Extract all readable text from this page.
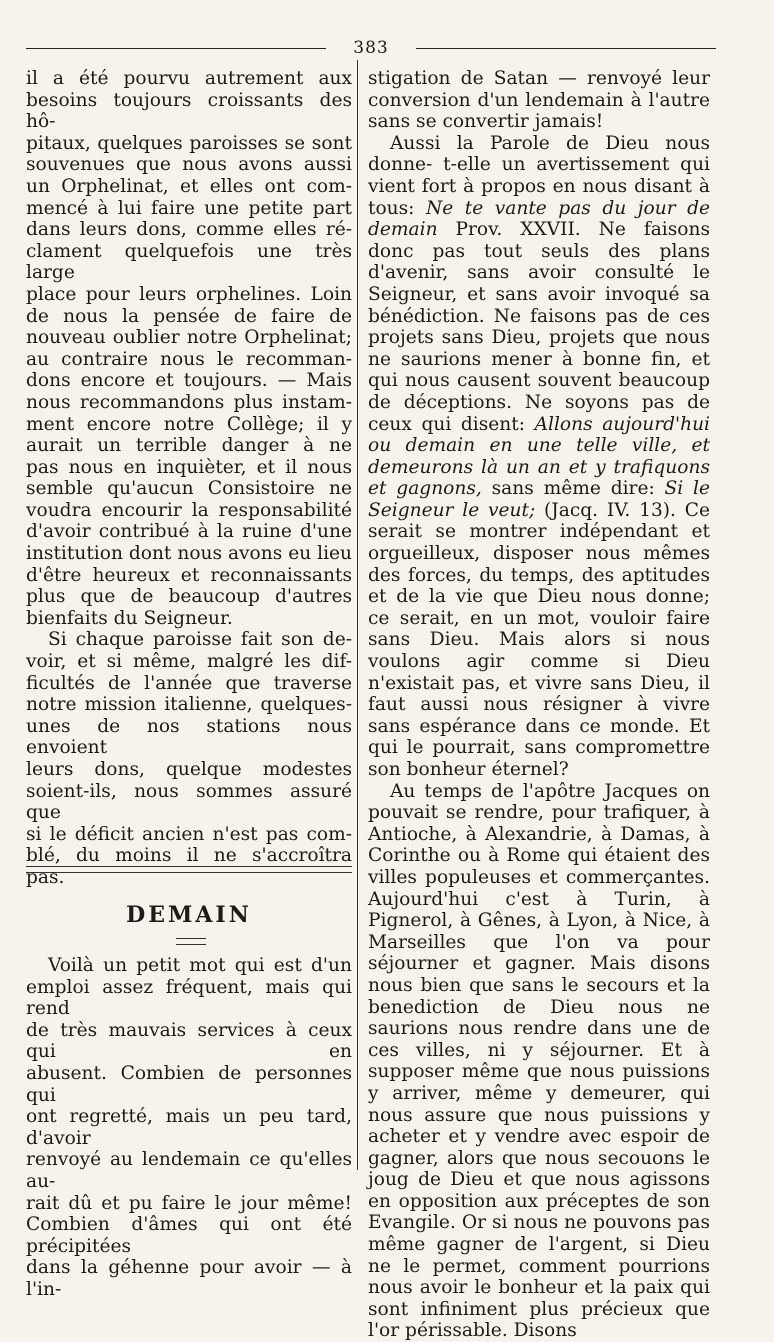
383

il a été pourvu autrement aux

besoins toujours croissants des hô-

pitaux, quelques paroisses se sont

souvenues que nous avons aussi

un Orphelinat, et elles ont com-

mencé à lui faire une petite part

dans leurs dons, comme elles ré-

clament quelquefois une très large

place pour leurs orphelines. Loin

de nous la pensée de faire de

nouveau oublier notre Orphelinat;

au contraire nous le recomman-

dons encore et toujours. — Mais

nous recommandons plus instam-

ment encore notre Collège; il y

aurait un terrible danger à ne

pas nous en inquièter, et il nous

semble qu'aucun Consistoire ne

voudra encourir la responsabilité

d'avoir contribué à la ruine d'une

institution dont nous avons eu lieu

d'être heureux et reconnaissants

plus que de beaucoup d'autres

bienfaits du Seigneur.

Si chaque paroisse fait son de-

voir, et si même, malgré les dif-

ficultés de l'année que traverse

notre mission italienne, quelques-

unes de nos stations nous envoient

leurs dons, quelque modestes

soient-ils, nous sommes assuré que

si le déficit ancien n'est pas com-

blé, du moins il ne s'accroîtra

pas.

DEMAIN

Voilà un petit mot qui est d'un

emploi assez fréquent, mais qui rend

de très mauvais services à ceux qui en

abusent. Combien de personnes qui

ont regretté, mais un peu tard, d'avoir

renvoyé au lendemain ce qu'elles au-

rait dû et pu faire le jour même!

Combien d'âmes qui ont été précipitées

dans la géhenne pour avoir — à l'in-

stigation de Satan — renvoyé leur

conversion d'un lendemain à l'autre

sans se convertir jamais!

Aussi la Parole de Dieu nous donne- t-elle un avertissement qui vient fort à propos en nous disant à tous: Ne te vante pas du jour de demain Prov. XXVII. Ne faisons donc pas tout seuls des plans d'avenir, sans avoir consulté le Seigneur, et sans avoir invoqué sa bénédiction. Ne faisons pas de ces projets sans Dieu, projets que nous ne saurions mener à bonne fin, et qui nous causent souvent beaucoup de déceptions. Ne soyons pas de ceux qui disent: Allons aujourd'hui ou demain en une telle ville, et demeurons là un an et y trafiquons et gagnons, sans même dire: Si le Seigneur le veut; (Jacq. IV. 13). Ce serait se montrer indépendant et orgueilleux, disposer nous mêmes des forces, du temps, des aptitudes et de la vie que Dieu nous donne; ce serait, en un mot, vouloir faire sans Dieu. Mais alors si nous voulons agir comme si Dieu n'existait pas, et vivre sans Dieu, il faut aussi nous résigner à vivre sans espérance dans ce monde. Et qui le pourrait, sans compromettre son bonheur éternel?

Au temps de l'apôtre Jacques on pouvait se rendre, pour trafiquer, à Antioche, à Alexandrie, à Damas, à Corinthe ou à Rome qui étaient des villes populeuses et commerçantes. Aujourd'hui c'est à Turin, à Pignerol, à Gênes, à Lyon, à Nice, à Marseilles que l'on va pour séjourner et gagner. Mais disons nous bien que sans le secours et la benediction de Dieu nous ne saurions nous rendre dans une de ces villes, ni y séjourner. Et à supposer même que nous puissions y arriver, même y demeurer, qui nous assure que nous puissions y acheter et y vendre avec espoir de gagner, alors que nous secouons le joug de Dieu et que nous agissons en opposition aux préceptes de son Evangile. Or si nous ne pouvons pas même gagner de l'argent, si Dieu ne le permet, comment pourrions nous avoir le bonheur et la paix qui sont infiniment plus précieux que l'or périssable. Disons
